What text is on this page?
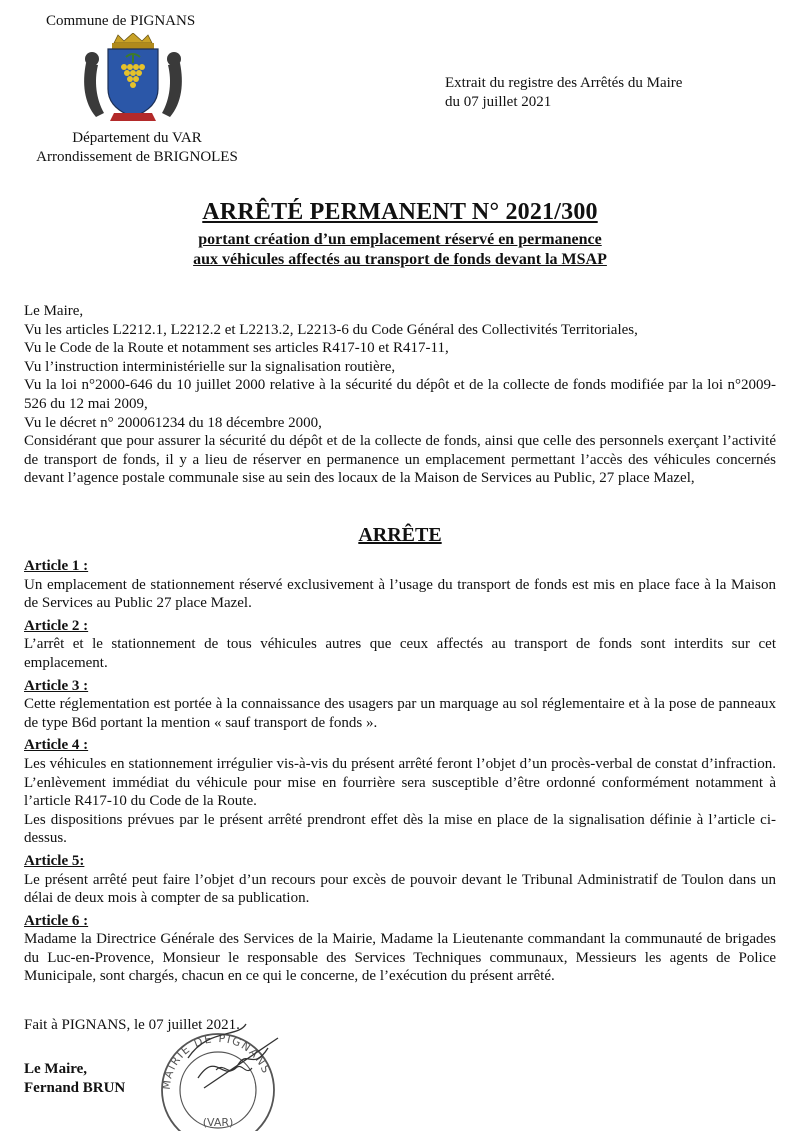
Commune de PIGNANS
Département du VAR
Arrondissement de BRIGNOLES
Extrait du registre des Arrêtés du Maire
du 07 juillet 2021
ARRÊTÉ PERMANENT N° 2021/300
portant création d’un emplacement réservé en permanence
aux véhicules affectés au transport de fonds devant la MSAP

Le Maire,

Vu les articles L2212.1, L2212.2 et L2213.2, L2213-6 du Code Général des Collectivités Territoriales,

Vu le Code de la Route et notamment ses articles R417-10 et R417-11,

Vu l’instruction interministérielle sur la signalisation routière,

Vu la loi n°2000-646 du 10 juillet 2000 relative à la sécurité du dépôt et de la collecte de fonds modifiée par la loi n°2009-526 du 12 mai 2009,

Vu le décret n° 200061234 du 18 décembre 2000,

Considérant que pour assurer la sécurité du dépôt et de la collecte de fonds, ainsi que celle des personnels exerçant l’activité de transport de fonds, il y a lieu de réserver en permanence un emplacement permettant l’accès des véhicules concernés devant l’agence postale communale sise au sein des locaux de la Maison de Services au Public, 27 place Mazel,

ARRÊTE
Article 1 :

Un emplacement de stationnement réservé exclusivement à l’usage du transport de fonds est mis en place face à la Maison de Services au Public 27 place Mazel.

Article 2 :

L’arrêt et le stationnement de tous véhicules autres que ceux affectés au transport de fonds sont interdits sur cet emplacement.

Article 3 :

Cette réglementation est portée à la connaissance des usagers par un marquage au sol réglementaire et à la pose de panneaux de type B6d portant la mention « sauf transport de fonds ».

Article 4 :

Les véhicules en stationnement irrégulier vis-à-vis du présent arrêté feront l’objet d’un procès-verbal de constat d’infraction. L’enlèvement immédiat du véhicule pour mise en fourrière sera susceptible d’être ordonné conformément notamment à l’article R417-10 du Code de la Route.

Les dispositions prévues par le présent arrêté prendront effet dès la mise en place de la signalisation définie à l’article ci-dessus.

Article 5:

Le présent arrêté peut faire l’objet d’un recours pour excès de pouvoir devant le Tribunal Administratif de Toulon dans un délai de deux mois à compter de sa publication.

Article 6 :

Madame la Directrice Générale des Services de la Mairie, Madame la Lieutenante commandant la communauté de brigades du Luc-en-Provence, Monsieur le responsable des Services Techniques communaux, Messieurs les agents de Police Municipale, sont chargés, chacun en ce qui le concerne, de l’exécution du présent arrêté.

Fait à PIGNANS, le 07 juillet 2021.
Le Maire,
Fernand BRUN	MAIRIE DE PIGNANS
(VAR)
